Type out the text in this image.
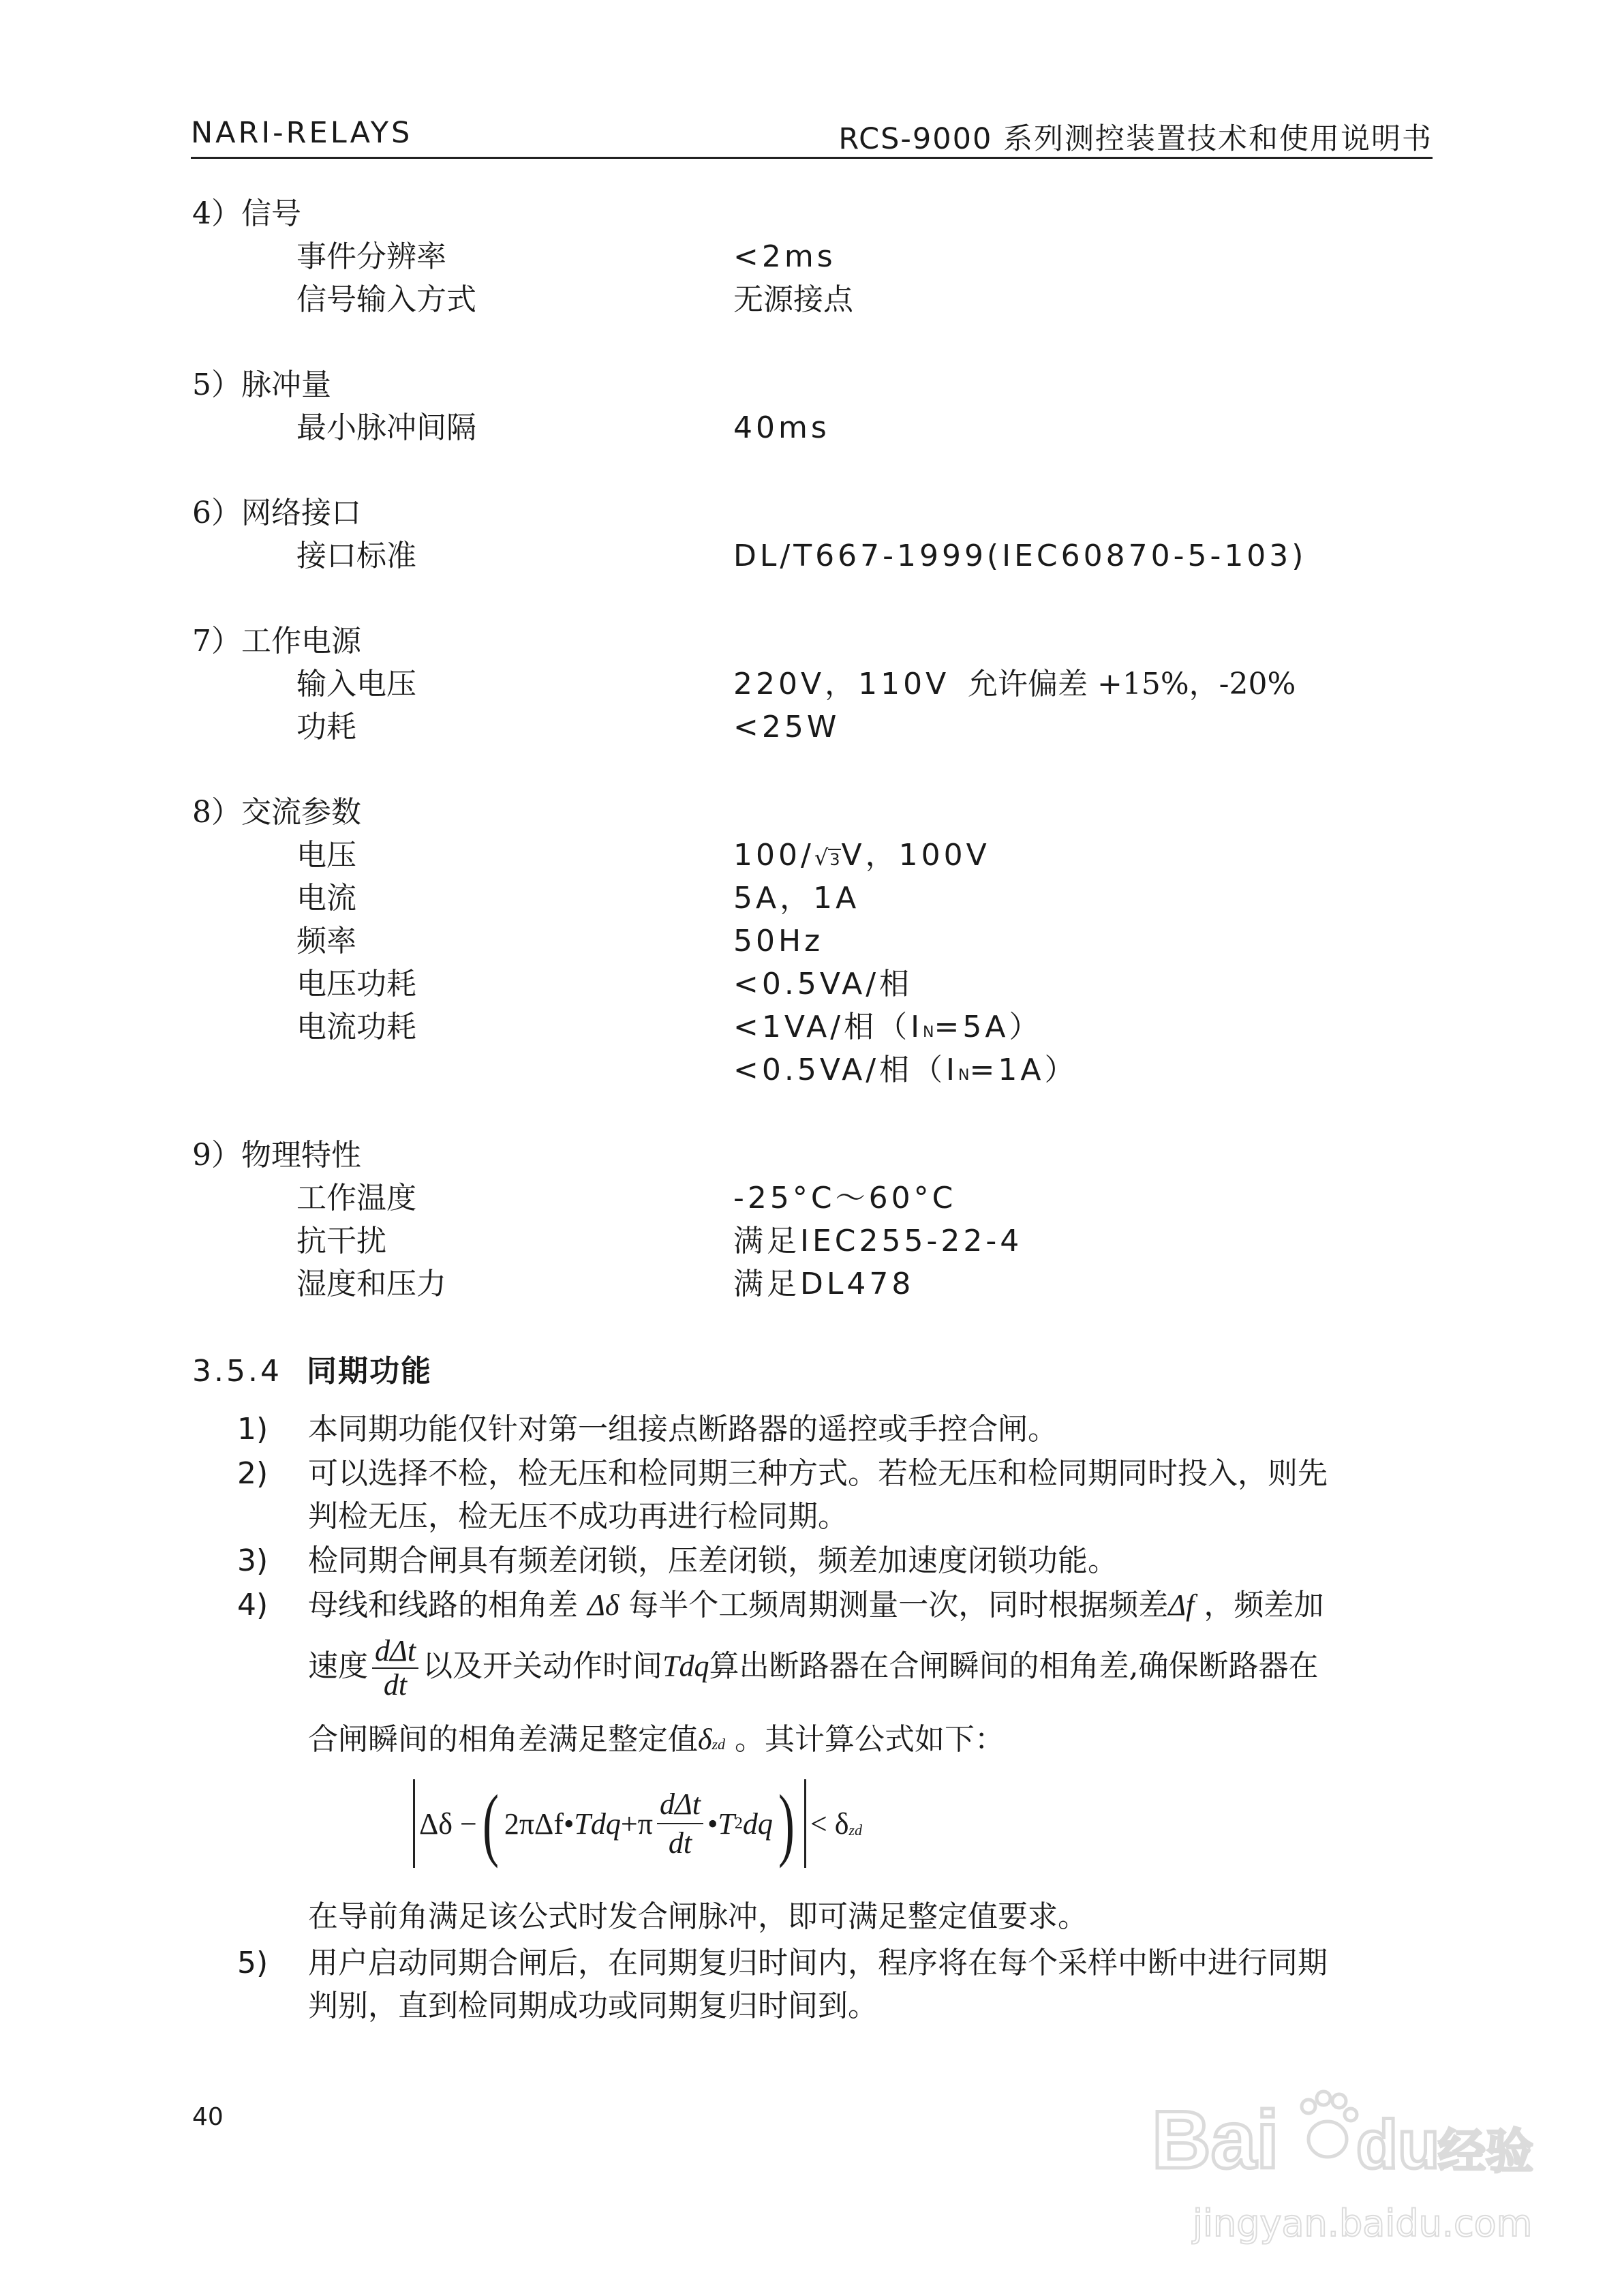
NARI-RELAYS	RCS-9000 系列测控装置技术和使用说明书
4）信号
事件分辨率	<2ms
信号输入方式	无源接点
5）脉冲量
最小脉冲间隔	40ms
6）网络接口
接口标准	DL/T667-1999(IEC60870-5-103)
7）工作电源
输入电压	220V，110V 允许偏差 +15%，-20%
功耗	<25W
8）交流参数
电压	100/√3V，100V
电流	5A，1A
频率	50Hz
电压功耗	<0.5VA/相
电流功耗	<1VA/相（IN=5A）
<0.5VA/相（IN=1A）
9）物理特性
工作温度	-25°C～60°C
抗干扰	满足IEC255-22-4
湿度和压力	满足DL478
3.5.4 同期功能
1) 本同期功能仅针对第一组接点断路器的遥控或手控合闸。
2) 可以选择不检，检无压和检同期三种方式。若检无压和检同期同时投入，则先
判检无压，检无压不成功再进行检同期。
3) 检同期合闸具有频差闭锁，压差闭锁，频差加速度闭锁功能。
4) 母线和线路的相角差 Δδ 每半个工频周期测量一次，同时根据频差Δf ，频差加
速度 $\frac{\text{dΔt}}{dt}$ 以及开关动作时间Tdq算出断路器在合闸瞬间的相角差,确保断路器在
合闸瞬间的相角差满足整定值δzd 。其计算公式如下：
Δδ
− ( 2πΔf • Tdq + π $\frac{\text{dΔt}}{dt}$ • T 2 dq ) <
δ zd
在导前角满足该公式时发合闸脉冲，即可满足整定值要求。
5) 用户启动同期合闸后，在同期复归时间内，程序将在每个采样中断中进行同期
判别，直到检同期成功或同期复归时间到。
40	Bai du
经验
jingyan.baidu.com
